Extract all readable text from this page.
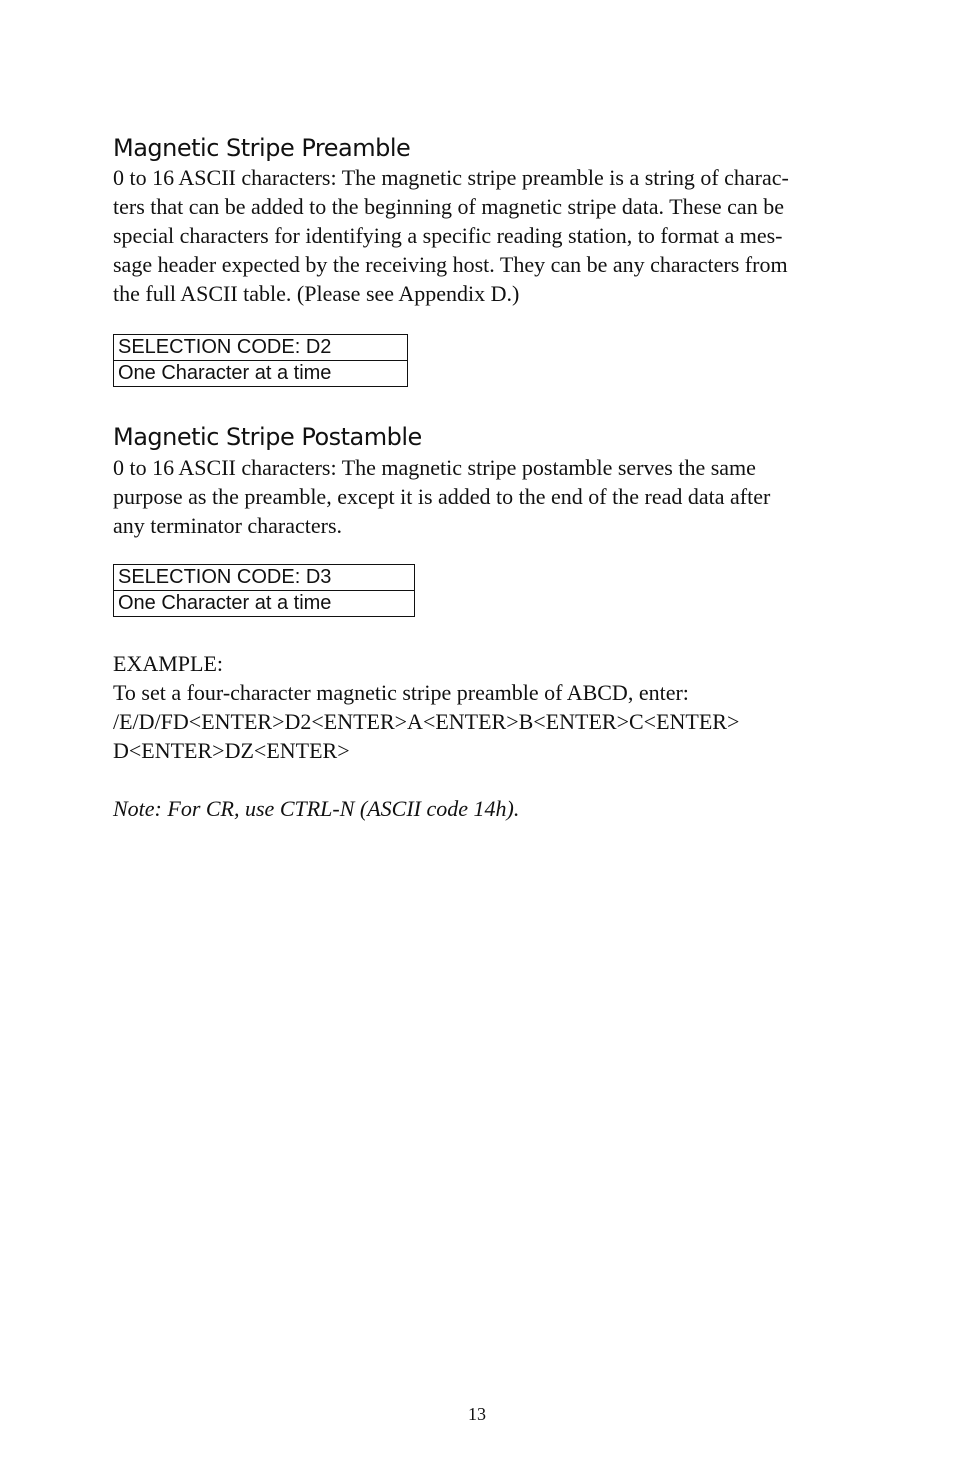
Magnetic Stripe Preamble
0 to 16 ASCII characters: The magnetic stripe preamble is a string of charac-
ters that can be added to the beginning of magnetic stripe data. These can be
special characters for identifying a specific reading station, to format a mes-
sage header expected by the receiving host. They can be any characters from
the full ASCII table. (Please see Appendix D.)
SELECTION CODE: D2
One Character at a time
Magnetic Stripe Postamble
0 to 16 ASCII characters: The magnetic stripe postamble serves the same
purpose as the preamble, except it is added to the end of the read data after
any terminator characters.
SELECTION CODE: D3
One Character at a time
EXAMPLE:
To set a four-character magnetic stripe preamble of ABCD, enter:
/E/D/FD<ENTER>D2<ENTER>A<ENTER>B<ENTER>C<ENTER>
D<ENTER>DZ<ENTER>
Note: For CR, use CTRL-N (ASCII code 14h).
13
